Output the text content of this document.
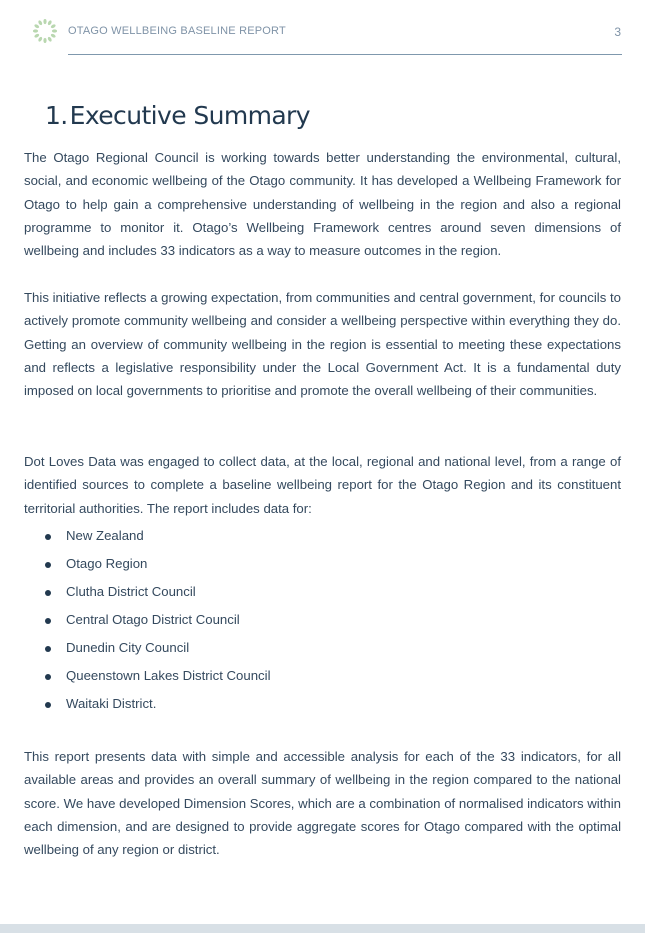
OTAGO WELLBEING BASELINE REPORT	3
1.Executive Summary

The Otago Regional Council is working towards better understanding the environmental, cultural, social, and economic wellbeing of the Otago community. It has developed a Wellbeing Framework for Otago to help gain a comprehensive understanding of wellbeing in the region and also a regional programme to monitor it. Otago’s Wellbeing Framework centres around seven dimensions of wellbeing and includes 33 indicators as a way to measure outcomes in the region.

This initiative reflects a growing expectation, from communities and central government, for councils to actively promote community wellbeing and consider a wellbeing perspective within everything they do. Getting an overview of community wellbeing in the region is essential to meeting these expectations and reflects a legislative responsibility under the Local Government Act. It is a fundamental duty imposed on local governments to prioritise and promote the overall wellbeing of their communities.

Dot Loves Data was engaged to collect data, at the local, regional and national level, from a range of identified sources to complete a baseline wellbeing report for the Otago Region and its constituent territorial authorities. The report includes data for:

New Zealand
Otago Region
Clutha District Council
Central Otago District Council
Dunedin City Council
Queenstown Lakes District Council
Waitaki District.

This report presents data with simple and accessible analysis for each of the 33 indicators, for all available areas and provides an overall summary of wellbeing in the region compared to the national score. We have developed Dimension Scores, which are a combination of normalised indicators within each dimension, and are designed to provide aggregate scores for Otago compared with the optimal wellbeing of any region or district.
